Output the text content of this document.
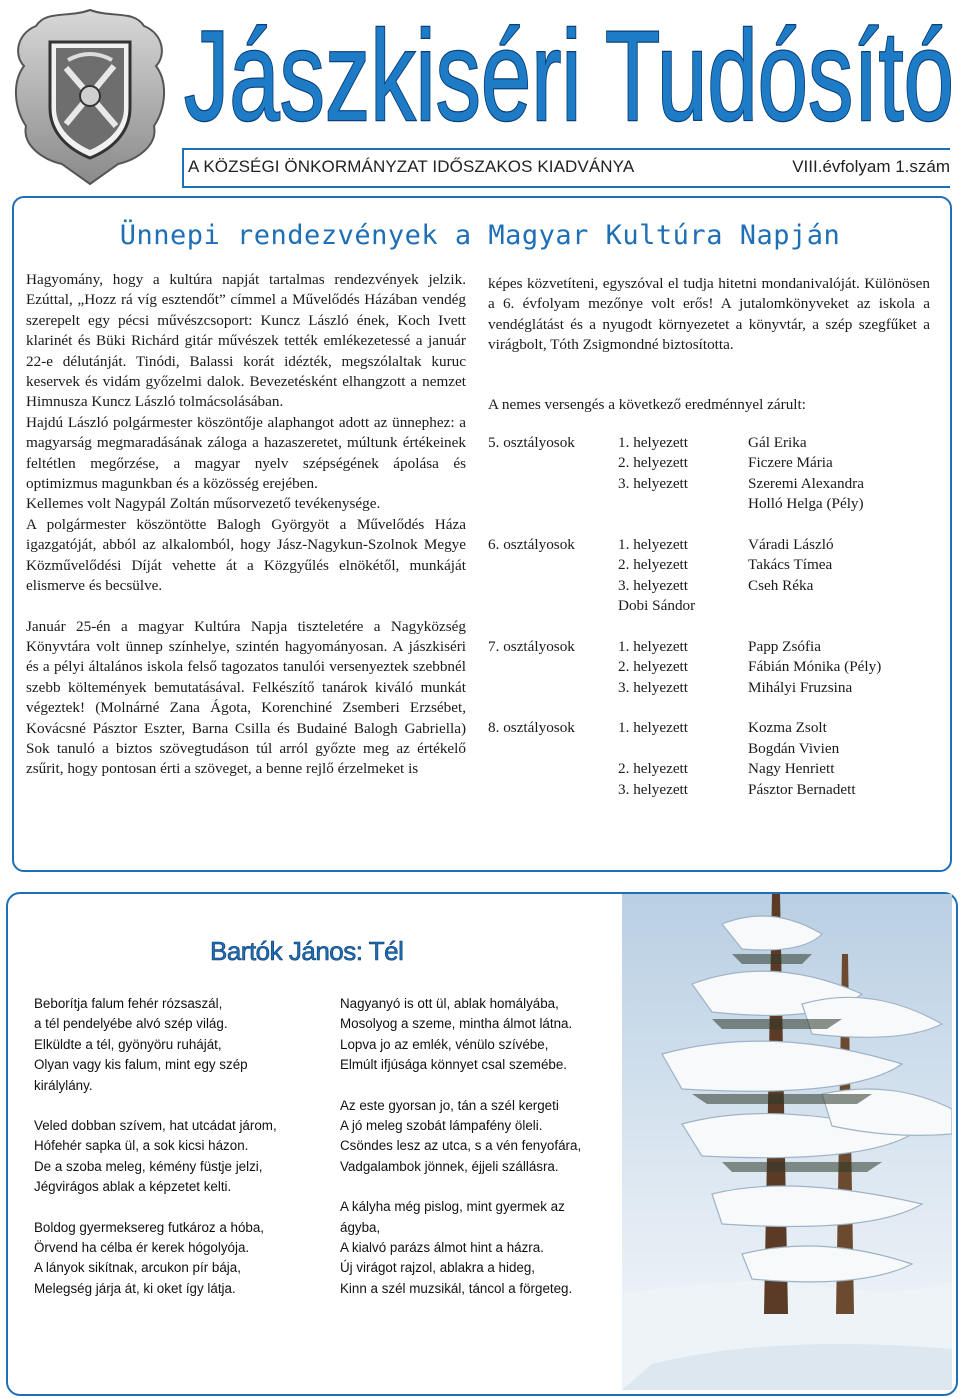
Jászkiséri Tudósító
A KÖZSÉGI ÖNKORMÁNYZAT IDŐSZAKOS KIADVÁNYA	VIII.évfolyam 1.szám
Ünnepi rendezvények a Magyar Kultúra Napján

Hagyomány, hogy a kultúra napját tartalmas rendezvények jelzik. Ezúttal, „Hozz rá víg esztendőt” címmel a Művelődés Házában vendég szerepelt egy pécsi művészcsoport: Kuncz László ének, Koch Ivett klarinét és Büki Richárd gitár művészek tették emlékezetessé a január 22-e délutánját. Tinódi, Balassi korát idézték, megszólaltak kuruc keservek és vidám győzelmi dalok. Bevezetésként elhangzott a nemzet Himnusza Kuncz László tolmácsolásában.

Hajdú László polgármester köszöntője alaphangot adott az ünnephez: a magyarság megmaradásának záloga a hazaszeretet, múltunk értékeinek feltétlen megőrzése, a magyar nyelv szépségének ápolása és optimizmus magunkban és a közösség erejében.

Kellemes volt Nagypál Zoltán műsorvezető tevékenysége.

A polgármester köszöntötte Balogh Györgyöt a Művelődés Háza igazgatóját, abból az alkalomból, hogy Jász-Nagykun-Szolnok Megye Közművelődési Díját vehette át a Közgyűlés elnökétől, munkáját elismerve és becsülve.

Január 25-én a magyar Kultúra Napja tiszteletére a Nagyközség Könyvtára volt ünnep színhelye, szintén hagyományosan. A jászkiséri és a pélyi általános iskola felső tagozatos tanulói versenyeztek szebbnél szebb költemények bemutatásával. Felkészítő tanárok kiváló munkát végeztek! (Molnárné Zana Ágota, Korenchiné Zsemberi Erzsébet, Kovácsné Pásztor Eszter, Barna Csilla és Budainé Balogh Gabriella) Sok tanuló a biztos szövegtudáson túl arról győzte meg az értékelő zsűrit, hogy pontosan érti a szöveget, a benne rejlő érzelmeket is

képes közvetíteni, egyszóval el tudja hitetni mondanivalóját. Különösen a 6. évfolyam mezőnye volt erős! A jutalomkönyveket az iskola a vendéglátást és a nyugodt környezetet a könyvtár, a szép szegfűket a virágbolt, Tóth Zsigmondné biztosította.

A nemes versengés a következő eredménnyel zárult:
5. osztályosok	1. helyezett	Gál Erika
2. helyezett	Ficzere Mária
3. helyezett	Szeremi Alexandra
Holló Helga (Pély)
6. osztályosok	1. helyezett	Váradi László
2. helyezett	Takács Tímea
3. helyezett	Cseh Réka
Dobi Sándor
7. osztályosok	1. helyezett	Papp Zsófia
2. helyezett	Fábián Mónika (Pély)
3. helyezett	Mihályi Fruzsina
8. osztályosok	1. helyezett	Kozma Zsolt
Bogdán Vivien
2. helyezett	Nagy Henriett
3. helyezett	Pásztor Bernadett
Bartók János: Tél

Beborítja falum fehér rózsaszál,
a tél pendelyébe alvó szép világ.
Elküldte a tél, gyönyöru ruháját,
Olyan vagy kis falum, mint egy szép
királylány.

Veled dobban szívem, hat utcádat járom,
Hófehér sapka ül, a sok kicsi házon.
De a szoba meleg, kémény füstje jelzi,
Jégvirágos ablak a képzetet kelti.

Boldog gyermeksereg futkároz a hóba,
Örvend ha célba ér kerek hógolyója.
A lányok sikítnak, arcukon pír bája,
Melegség járja át, ki oket így látja.

Nagyanyó is ott ül, ablak homályába,
Mosolyog a szeme, mintha álmot látna.
Lopva jo az emlék, vénülo szívébe,
Elmúlt ifjúsága könnyet csal szemébe.

Az este gyorsan jo, tán a szél kergeti
A jó meleg szobát lámpafény öleli.
Csöndes lesz az utca, s a vén fenyofára,
Vadgalambok jönnek, éjjeli szállásra.

A kályha még pislog, mint gyermek az
ágyba,
A kialvó parázs álmot hint a házra.
Új virágot rajzol, ablakra a hideg,
Kinn a szél muzsikál, táncol a förgeteg.
